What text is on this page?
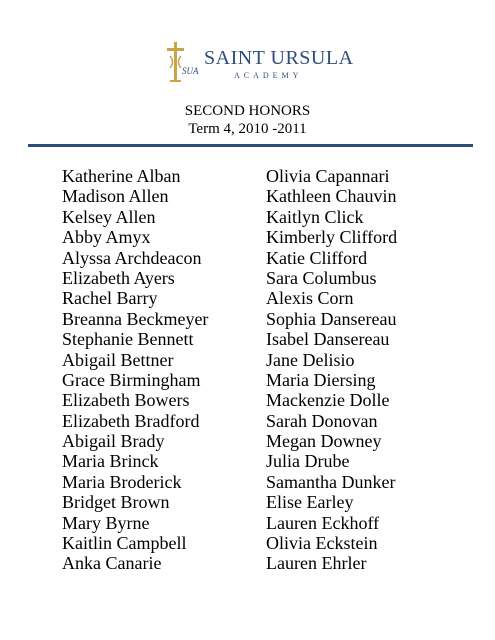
SUA
SAINT URSULA
ACADEMY
SECOND HONORS
Term 4, 2010 -2011
Katherine Alban
Madison Allen
Kelsey Allen
Abby Amyx
Alyssa Archdeacon
Elizabeth Ayers
Rachel Barry
Breanna Beckmeyer
Stephanie Bennett
Abigail Bettner
Grace Birmingham
Elizabeth Bowers
Elizabeth Bradford
Abigail Brady
Maria Brinck
Maria Broderick
Bridget Brown
Mary Byrne
Kaitlin Campbell
Anka Canarie
Olivia Capannari
Kathleen Chauvin
Kaitlyn Click
Kimberly Clifford
Katie Clifford
Sara Columbus
Alexis Corn
Sophia Dansereau
Isabel Dansereau
Jane Delisio
Maria Diersing
Mackenzie Dolle
Sarah Donovan
Megan Downey
Julia Drube
Samantha Dunker
Elise Earley
Lauren Eckhoff
Olivia Eckstein
Lauren Ehrler
